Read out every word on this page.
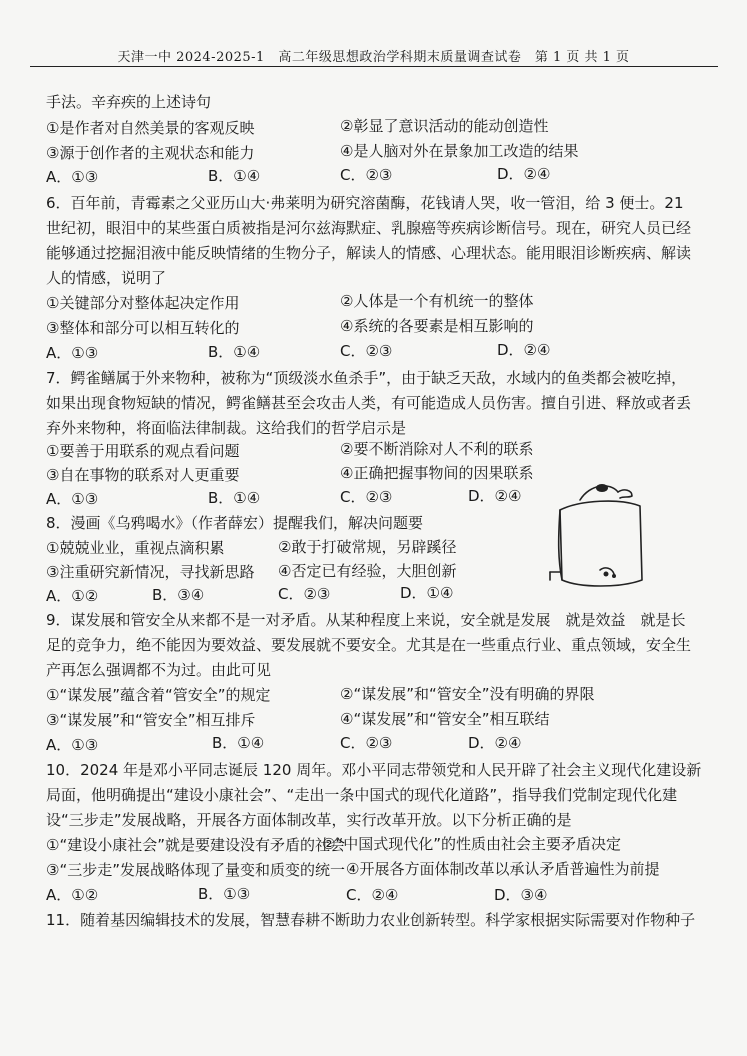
天津一中 2024-2025-1　高二年级思想政治学科期末质量调查试卷　第 1 页 共 1 页
手法。辛弃疾的上述诗句
①是作者对自然美景的客观反映	②彰显了意识活动的能动创造性
③源于创作者的主观状态和能力	④是人脑对外在景象加工改造的结果
A．①③	B．①④	C．②③	D．②④
6．百年前，青霉素之父亚历山大·弗莱明为研究溶菌酶，花钱请人哭，收一管泪，给 3 便士。21
世纪初，眼泪中的某些蛋白质被指是河尔兹海默症、乳腺癌等疾病诊断信号。现在，研究人员已经
能够通过挖掘泪液中能反映情绪的生物分子，解读人的情感、心理状态。能用眼泪诊断疾病、解读
人的情感，说明了
①关键部分对整体起决定作用	②人体是一个有机统一的整体
③整体和部分可以相互转化的	④系统的各要素是相互影响的
A．①③	B．①④	C．②③	D．②④
7．鳄雀鳝属于外来物种，被称为“顶级淡水鱼杀手”，由于缺乏天敌，水域内的鱼类都会被吃掉，
如果出现食物短缺的情况，鳄雀鳝甚至会攻击人类，有可能造成人员伤害。擅自引进、释放或者丢
弃外来物种，将面临法律制裁。这给我们的哲学启示是
①要善于用联系的观点看问题	②要不断消除对人不利的联系
③自在事物的联系对人更重要	④正确把握事物间的因果联系
A．①③	B．①④	C．②③	D．②④
8．漫画《乌鸦喝水》（作者薛宏）提醒我们，解决问题要
①兢兢业业，重视点滴积累	②敢于打破常规，另辟蹊径
③注重研究新情况，寻找新思路 ④否定已有经验，大胆创新
A．①②	B．③④	C．②③	D．①④
9．谋发展和管安全从来都不是一对矛盾。从某种程度上来说，安全就是发展　就是效益　就是长
足的竞争力，绝不能因为要效益、要发展就不要安全。尤其是在一些重点行业、重点领域，安全生
产再怎么强调都不为过。由此可见
①“谋发展”蕴含着“管安全”的规定	②“谋发展”和“管安全”没有明确的界限
③“谋发展”和“管安全”相互排斥	④“谋发展”和“管安全”相互联结
A．①③	B．①④	C．②③	D．②④
10．2024 年是邓小平同志诞辰 120 周年。邓小平同志带领党和人民开辟了社会主义现代化建设新
局面，他明确提出“建设小康社会”、“走出一条中国式的现代化道路”，指导我们党制定现代化建
设“三步走”发展战略，开展各方面体制改革，实行改革开放。以下分析正确的是
①“建设小康社会”就是要建设没有矛盾的社会
②“中国式现代化”的性质由社会主要矛盾决定
③“三步走”发展战略体现了量变和质变的统一 ④开展各方面体制改革以承认矛盾普遍性为前提
A．①②	B．①③	C．②④	D．③④
11．随着基因编辑技术的发展，智慧春耕不断助力农业创新转型。科学家根据实际需要对作物种子
